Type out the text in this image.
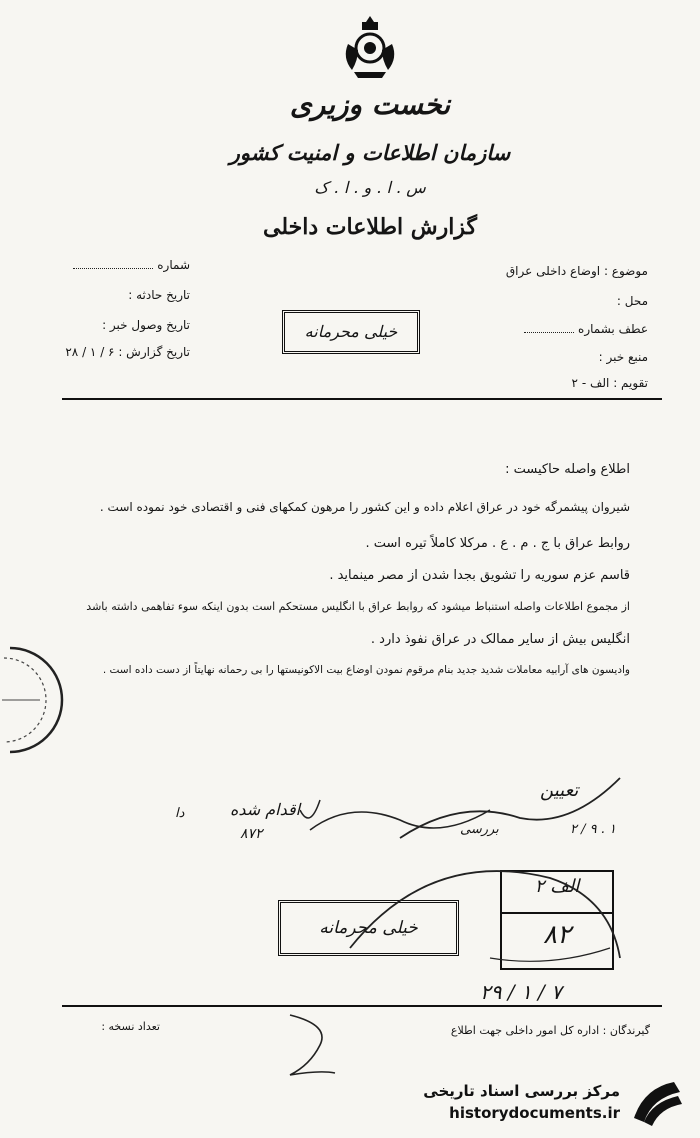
نخست وزیری
سازمان اطلاعات و امنیت کشور
س . ا . و . ا . ک
گزارش اطلاعات داخلی
شماره
تاریخ حادثه :
تاریخ وصول خبر :
تاریخ گزارش : ۶ / ۱ / ۲۸
خیلی محرمانه
موضوع : اوضاع داخلی عراق
محل :
عطف بشماره
منبع خبر :
تقویم : الف - ۲
اطلاع واصله حاکیست :
شیروان پیشمرگه خود در عراق اعلام داده و این کشور را مرهون کمکهای فنی و اقتصادی خود نموده است .
روابط عراق با ج . م . ع . مرکلا کاملاً تیره است .
قاسم عزم سوریه را تشویق بجدا شدن از مصر مینماید .
از مجموع اطلاعات واصله استنباط میشود که روابط عراق با انگلیس مستحکم است بدون اینکه سوء تفاهمی داشته باشد
انگلیس بیش از سایر ممالک در عراق نفوذ دارد .
وادیسون های آرابیه معاملات شدید جدید بنام مرقوم نمودن اوضاع بیت الاکونیستها را بی رحمانه نهایتاً از دست داده است .
اقدام شده
۸۷۲
دا
بررسی
تعیین
۲ / ۹ . ۱
خیلی محرمانه
الف ۲
۸۲
۲۹ / ۱ / ۷
تعداد نسخه :	گیرندگان : اداره کل امور داخلی جهت اطلاع
مرکز بررسی اسناد تاریخی
historydocuments.ir
